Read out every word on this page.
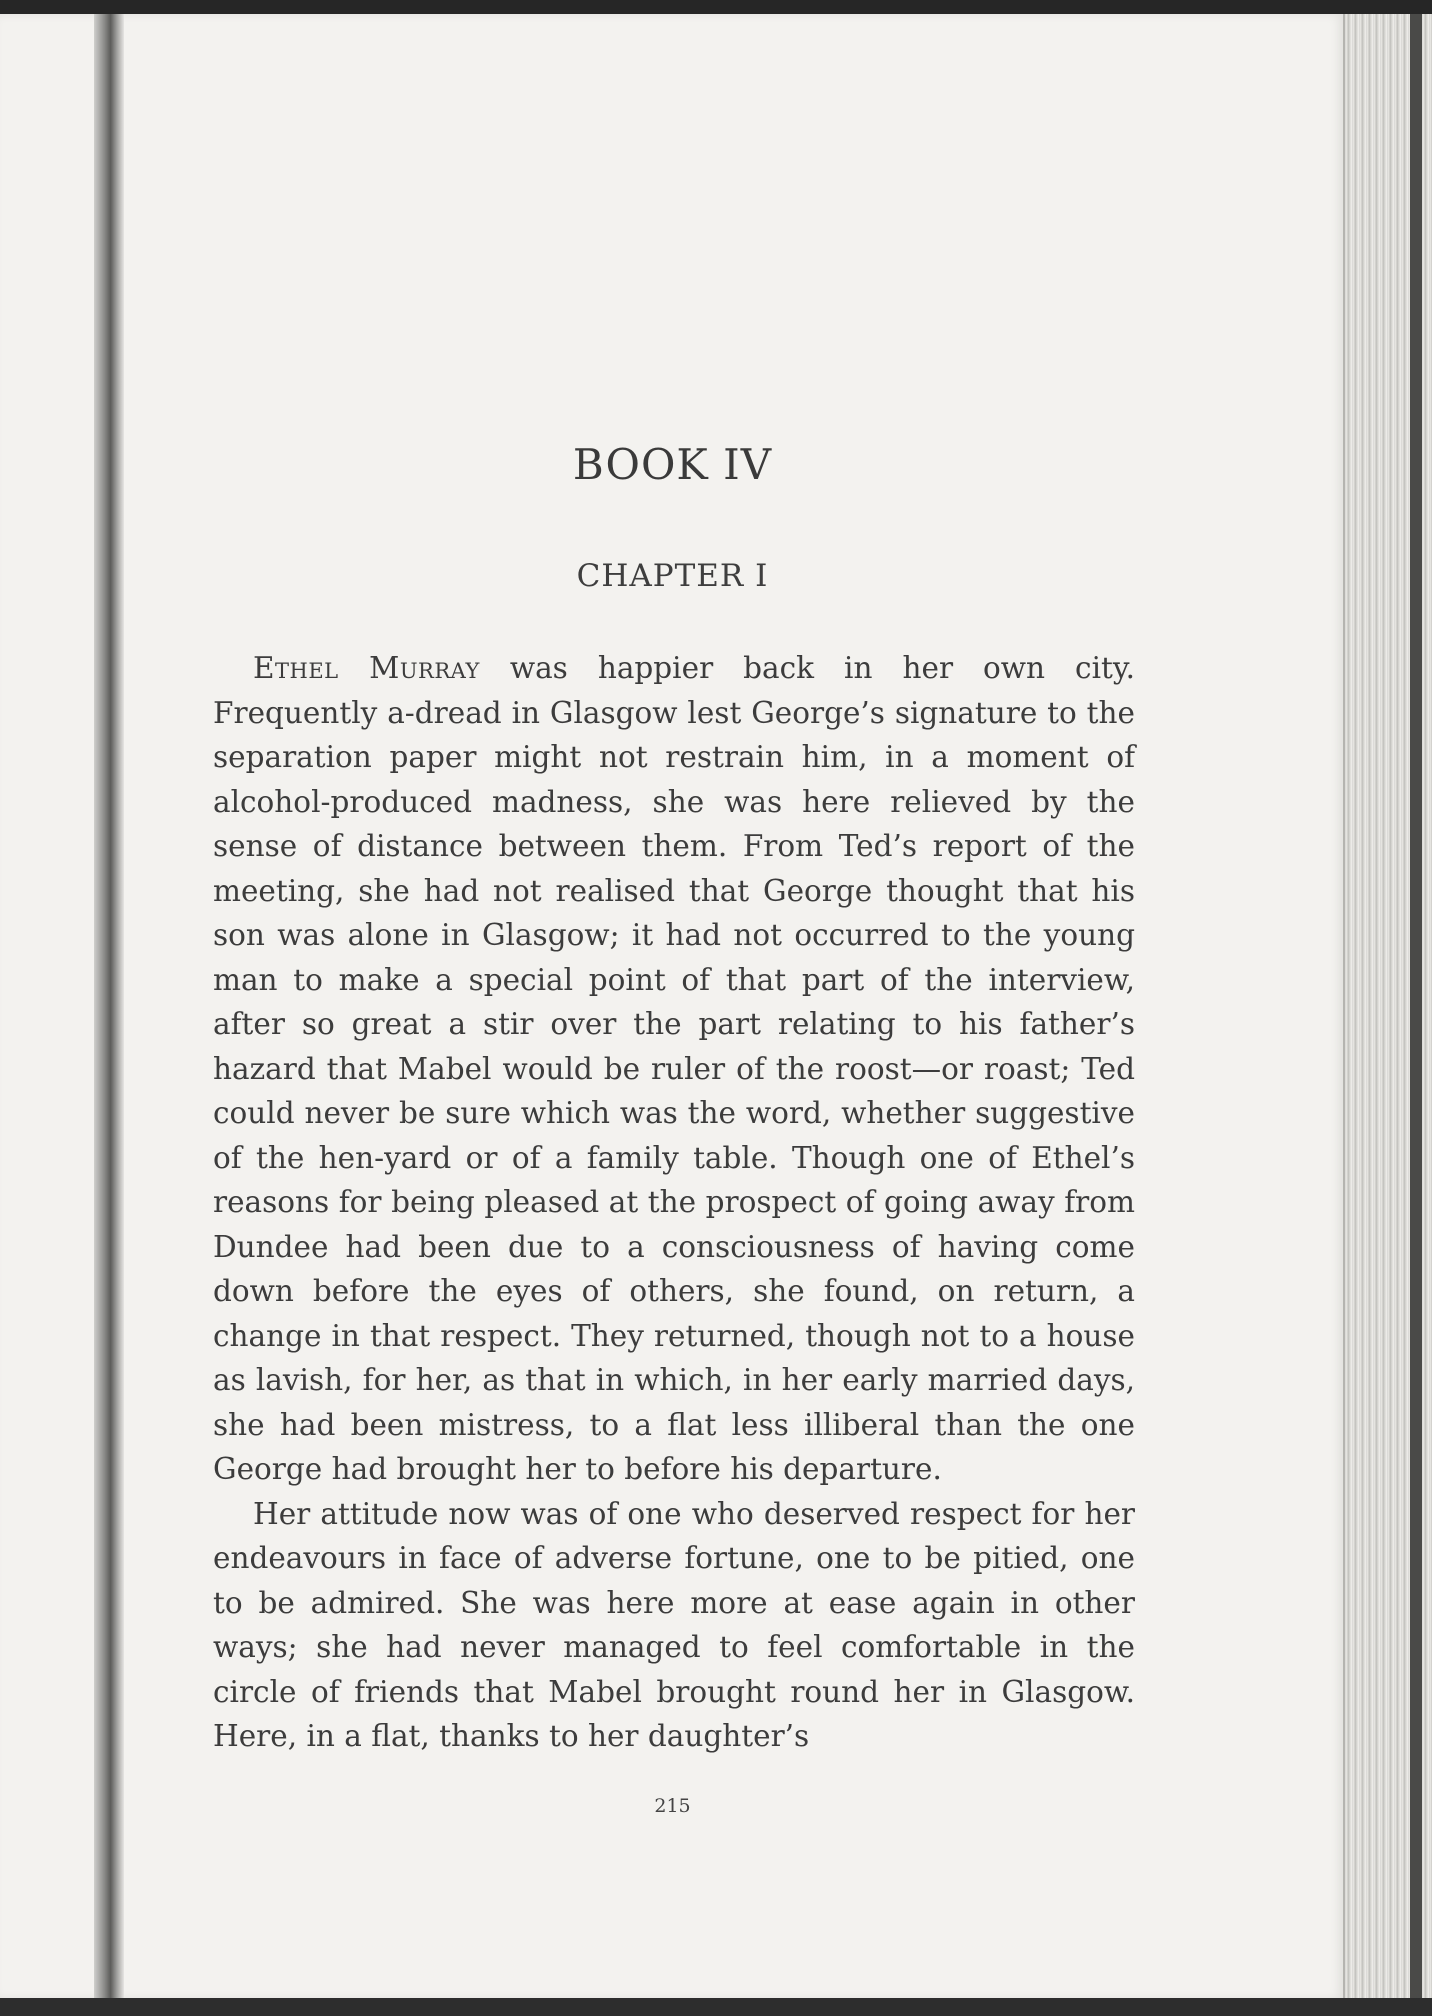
BOOK IV
CHAPTER I

Ethel Murray was happier back in her own city. Frequently a-dread in Glasgow lest George’s signature to the separation paper might not restrain him, in a moment of alcohol-produced madness, she was here relieved by the sense of distance between them. From Ted’s report of the meeting, she had not realised that George thought that his son was alone in Glasgow; it had not occurred to the young man to make a special point of that part of the interview, after so great a stir over the part relating to his father’s hazard that Mabel would be ruler of the roost—or roast; Ted could never be sure which was the word, whether suggestive of the hen-yard or of a family table. Though one of Ethel’s reasons for being pleased at the prospect of going away from Dundee had been due to a consciousness of having come down before the eyes of others, she found, on return, a change in that respect. They returned, though not to a house as lavish, for her, as that in which, in her early married days, she had been mistress, to a flat less illiberal than the one George had brought her to before his departure.

Her attitude now was of one who deserved respect for her endeavours in face of adverse fortune, one to be pitied, one to be admired. She was here more at ease again in other ways; she had never managed to feel comfortable in the circle of friends that Mabel brought round her in Glasgow. Here, in a flat, thanks to her daughter’s

215
